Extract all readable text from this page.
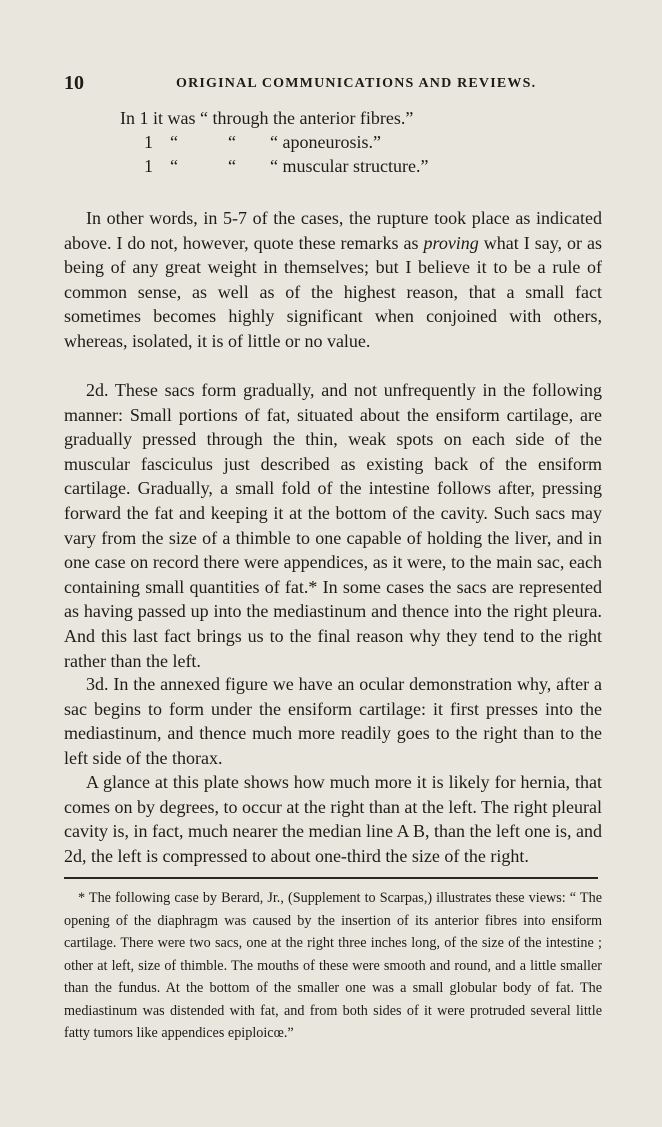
10	ORIGINAL COMMUNICATIONS AND REVIEWS.
In 1 it was “ through the anterior fibres.”
1 “	“ “ aponeurosis.”
1 “	“ “ muscular structure.”

In other words, in 5-7 of the cases, the rupture took place as indicated above. I do not, however, quote these remarks as proving what I say, or as being of any great weight in themselves; but I believe it to be a rule of common sense, as well as of the highest reason, that a small fact sometimes becomes highly significant when conjoined with others, whereas, isolated, it is of little or no value.

2d. These sacs form gradually, and not unfrequently in the following manner: Small portions of fat, situated about the ensiform cartilage, are gradually pressed through the thin, weak spots on each side of the muscular fasciculus just described as existing back of the ensiform cartilage. Gradually, a small fold of the intestine follows after, pressing forward the fat and keeping it at the bottom of the cavity. Such sacs may vary from the size of a thimble to one capable of holding the liver, and in one case on record there were appendices, as it were, to the main sac, each containing small quantities of fat.* In some cases the sacs are represented as having passed up into the mediastinum and thence into the right pleura. And this last fact brings us to the final reason why they tend to the right rather than the left.

3d. In the annexed figure we have an ocular demonstration why, after a sac begins to form under the ensiform cartilage: it first presses into the mediastinum, and thence much more readily goes to the right than to the left side of the thorax.

A glance at this plate shows how much more it is likely for hernia, that comes on by degrees, to occur at the right than at the left. The right pleural cavity is, in fact, much nearer the median line A B, than the left one is, and 2d, the left is compressed to about one-third the size of the right.

* The following case by Berard, Jr., (Supplement to Scarpas,) illustrates these views: “ The opening of the diaphragm was caused by the insertion of its anterior fibres into ensiform cartilage. There were two sacs, one at the right three inches long, of the size of the intestine ; other at left, size of thimble. The mouths of these were smooth and round, and a little smaller than the fundus. At the bottom of the smaller one was a small globular body of fat. The mediastinum was distended with fat, and from both sides of it were protruded several little fatty tumors like appendices epiploicœ.”
